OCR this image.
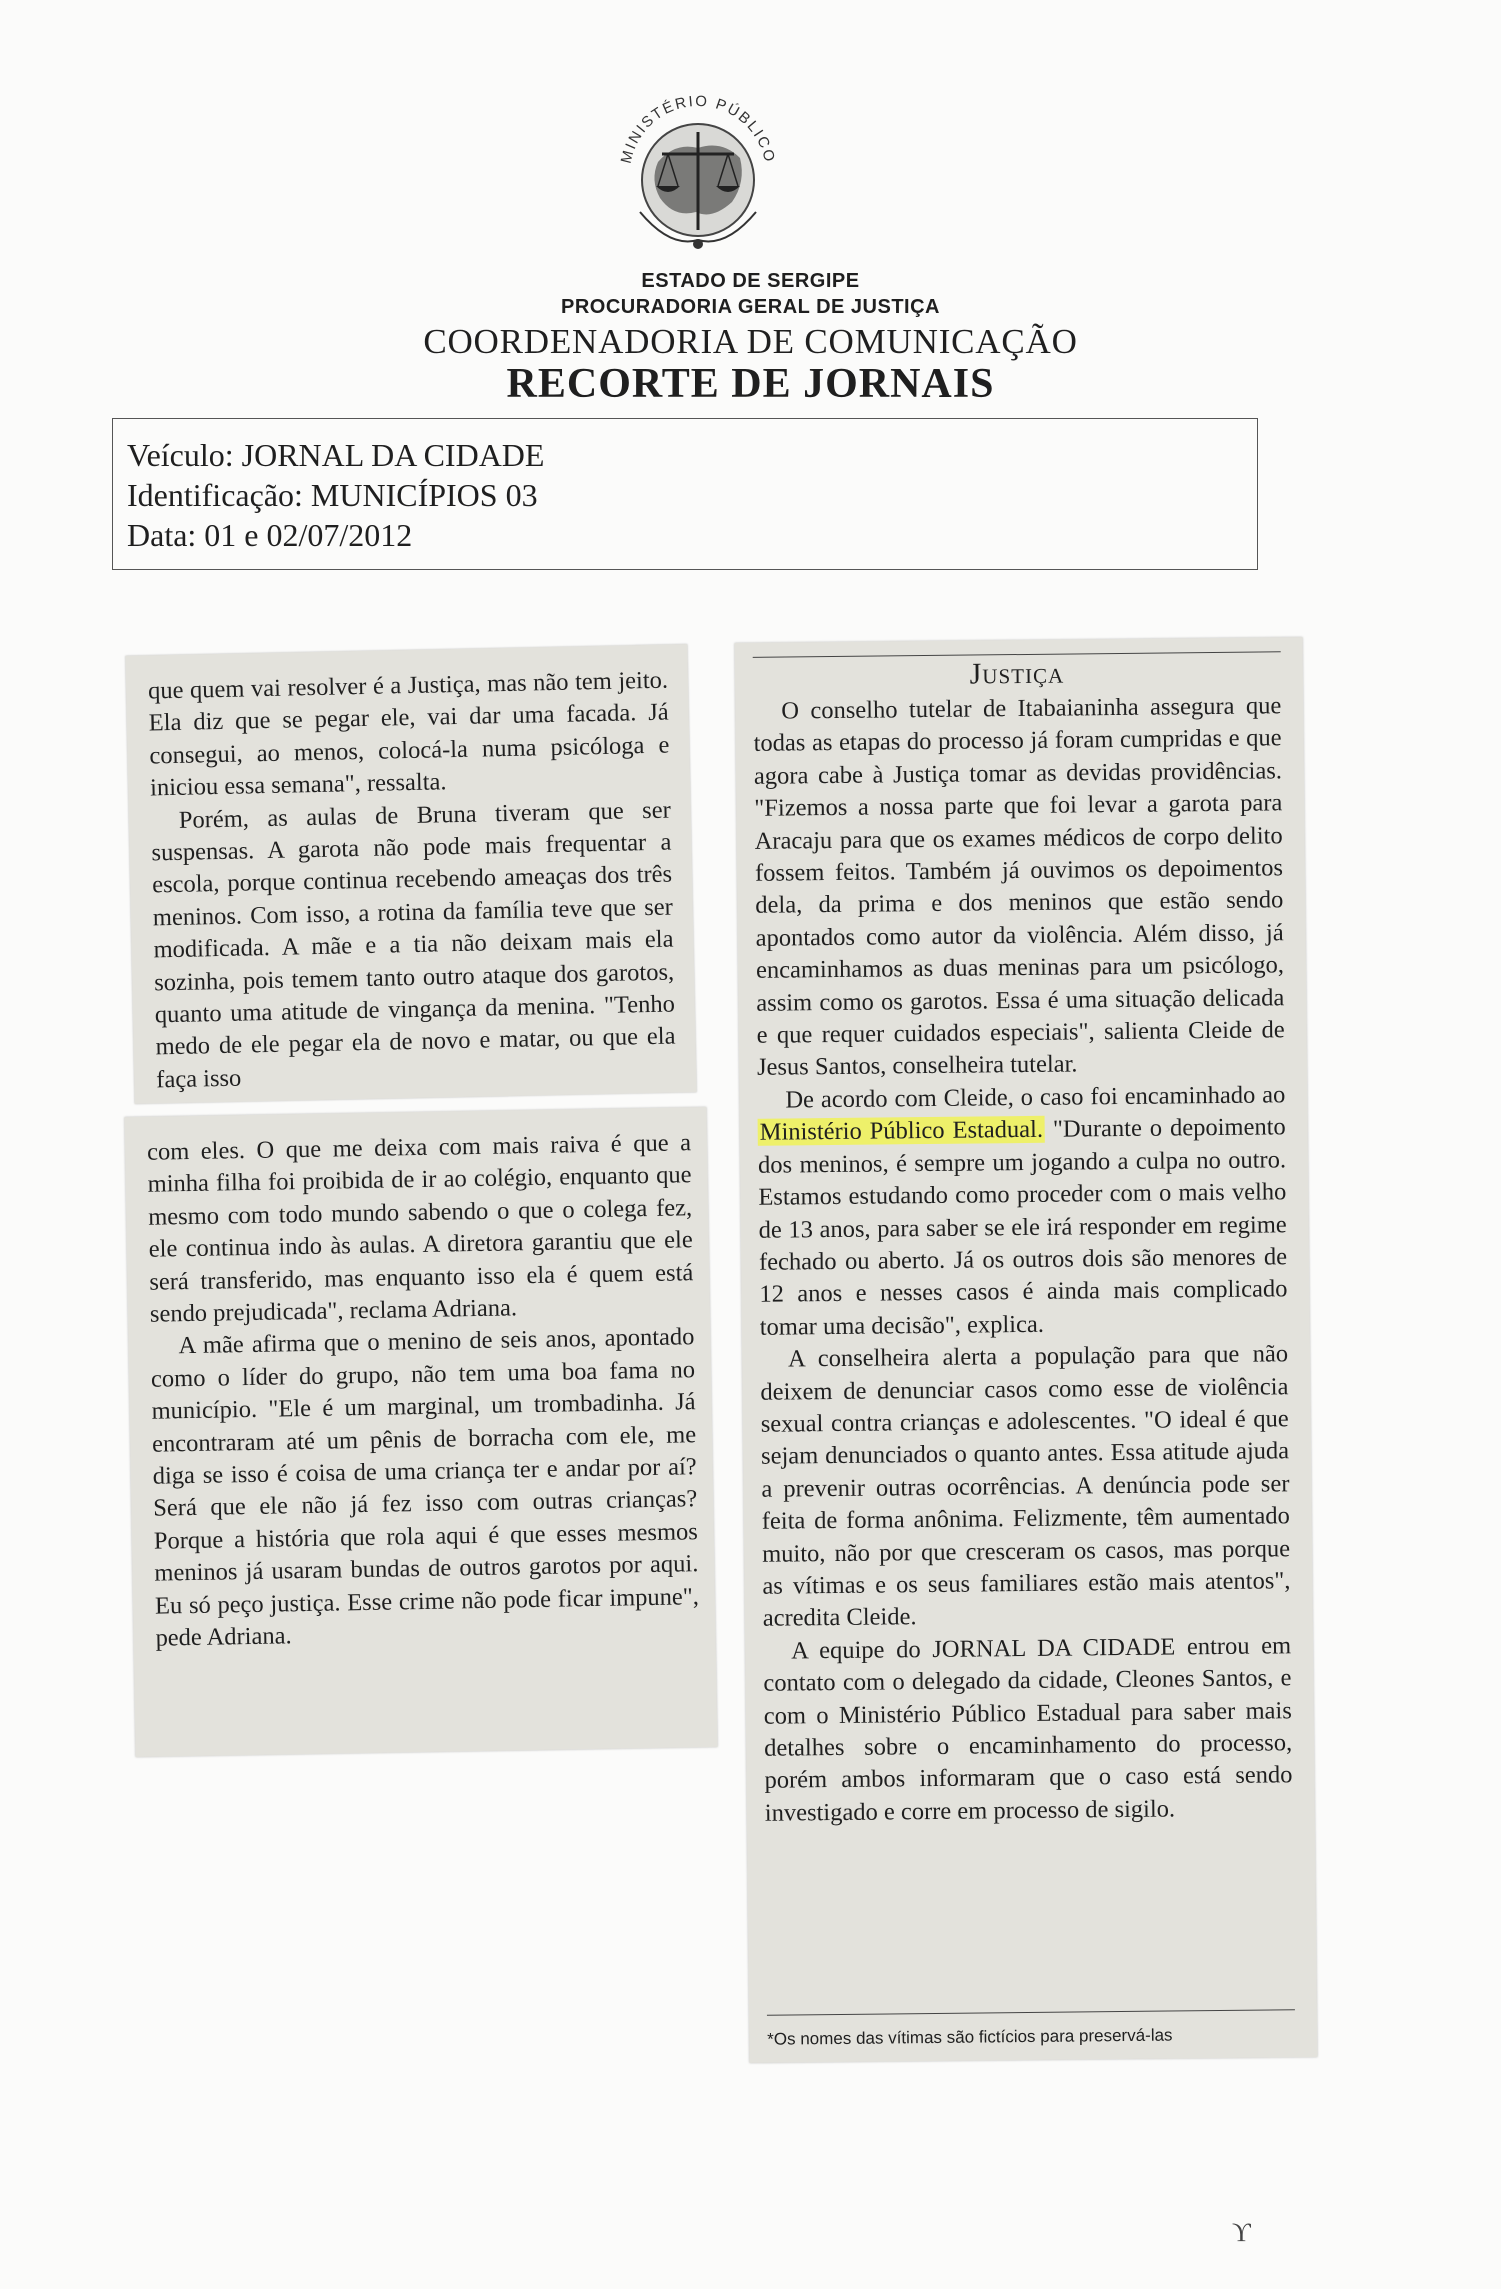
MINISTÉRIO PÚBLICO
ESTADO DE SERGIPE
PROCURADORIA GERAL DE JUSTIÇA
COORDENADORIA DE COMUNICAÇÃO
RECORTE DE JORNAIS
Veículo: JORNAL DA CIDADE
Identificação: MUNICÍPIOS 03
Data: 01 e 02/07/2012

que quem vai resolver é a Justiça, mas não tem jeito. Ela diz que se pegar ele, vai dar uma facada. Já consegui, ao menos, colocá-la numa psicóloga e iniciou essa semana", ressalta.

Porém, as aulas de Bruna tiveram que ser suspensas. A garota não pode mais frequentar a escola, porque continua recebendo ameaças dos três meninos. Com isso, a rotina da família teve que ser modificada. A mãe e a tia não deixam mais ela sozinha, pois temem tanto outro ataque dos garotos, quanto uma atitude de vingança da menina. "Tenho medo de ele pegar ela de novo e matar, ou que ela faça isso

com eles. O que me deixa com mais raiva é que a minha filha foi proibida de ir ao colégio, enquanto que mesmo com todo mundo sabendo o que o colega fez, ele continua indo às aulas. A diretora garantiu que ele será transferido, mas enquanto isso ela é quem está sendo prejudicada", reclama Adriana.

A mãe afirma que o menino de seis anos, apontado como o líder do grupo, não tem uma boa fama no município. "Ele é um marginal, um trombadinha. Já encontraram até um pênis de borracha com ele, me diga se isso é coisa de uma criança ter e andar por aí? Será que ele não já fez isso com outras crianças? Porque a história que rola aqui é que esses mesmos meninos já usaram bundas de outros garotos por aqui. Eu só peço justiça. Esse crime não pode ficar impune", pede Adriana.

Justiça

O conselho tutelar de Itabaianinha assegura que todas as etapas do processo já foram cumpridas e que agora cabe à Justiça tomar as devidas providências. "Fizemos a nossa parte que foi levar a garota para Aracaju para que os exames médicos de corpo delito fossem feitos. Também já ouvimos os depoimentos dela, da prima e dos meninos que estão sendo apontados como autor da violência. Além disso, já encaminhamos as duas meninas para um psicólogo, assim como os garotos. Essa é uma situação delicada e que requer cuidados especiais", salienta Cleide de Jesus Santos, conselheira tutelar.

De acordo com Cleide, o caso foi encaminhado ao Ministério Público Estadual. "Durante o depoimento dos meninos, é sempre um jogando a culpa no outro. Estamos estudando como proceder com o mais velho de 13 anos, para saber se ele irá responder em regime fechado ou aberto. Já os outros dois são menores de 12 anos e nesses casos é ainda mais complicado tomar uma decisão", explica.

A conselheira alerta a população para que não deixem de denunciar casos como esse de violência sexual contra crianças e adolescentes. "O ideal é que sejam denunciados o quanto antes. Essa atitude ajuda a prevenir outras ocorrências. A denúncia pode ser feita de forma anônima. Felizmente, têm aumentado muito, não por que cresceram os casos, mas porque as vítimas e os seus familiares estão mais atentos", acredita Cleide.

A equipe do JORNAL DA CIDADE entrou em contato com o delegado da cidade, Cleones Santos, e com o Ministério Público Estadual para saber mais detalhes sobre o encaminhamento do processo, porém ambos informaram que o caso está sendo investigado e corre em processo de sigilo.

*Os nomes das vítimas são fictícios para preservá-las
ϒ
